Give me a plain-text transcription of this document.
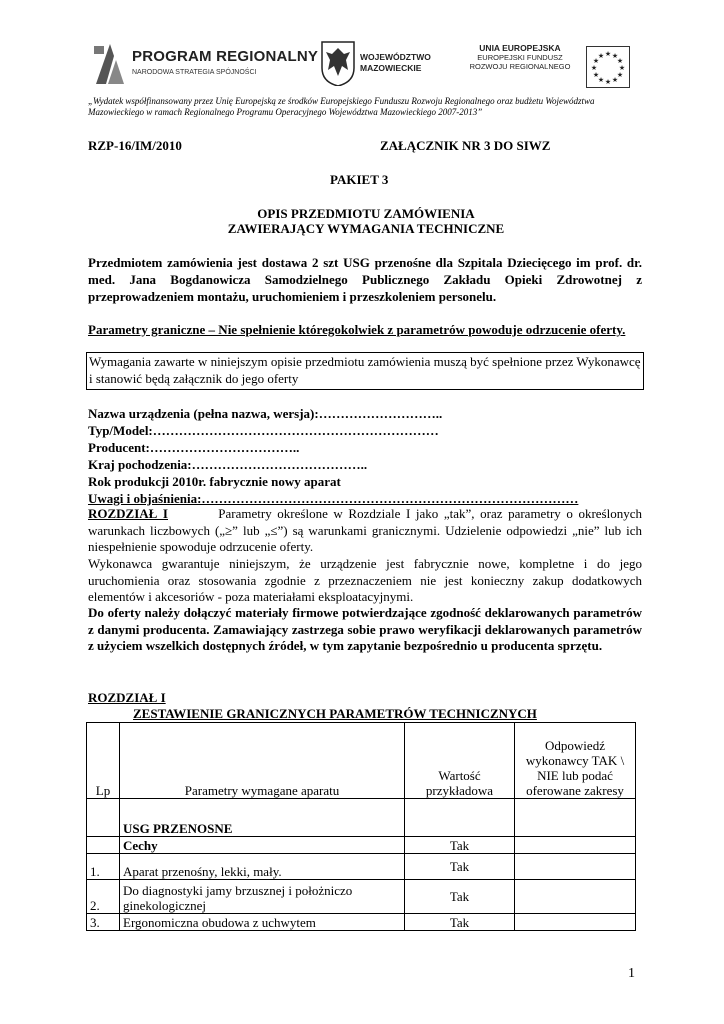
PROGRAM REGIONALNY
NARODOWA STRATEGIA SPÓJNOŚCI
WOJEWÓDZTWO
MAZOWIECKIE
UNIA EUROPEJSKA
EUROPEJSKI FUNDUSZ
ROZWOJU REGIONALNEGO
★ ★
★
★
★
★
★
★
★
★
★
★
„Wydatek współfinansowany przez Unię Europejską ze środków Europejskiego Funduszu Rozwoju Regionalnego oraz budżetu Województwa Mazowieckiego w ramach Regionalnego Programu Operacyjnego Województwa Mazowieckiego 2007-2013”
RZP-16/IM/2010	ZAŁĄCZNIK NR 3 DO SIWZ
PAKIET 3
OPIS PRZEDMIOTU ZAMÓWIENIA
ZAWIERAJĄCY WYMAGANIA TECHNICZNE
Przedmiotem zamówienia jest dostawa 2 szt USG przenośne dla Szpitala Dziecięcego im prof. dr. med. Jana Bogdanowicza Samodzielnego Publicznego Zakładu Opieki Zdrowotnej z przeprowadzeniem montażu, uruchomieniem i przeszkoleniem personelu.
Parametry graniczne – Nie spełnienie któregokolwiek z parametrów powoduje odrzucenie oferty.
Wymagania zawarte w niniejszym opisie przedmiotu zamówienia muszą być spełnione przez Wykonawcę i stanowić będą załącznik do jego oferty
Nazwa urządzenia (pełna nazwa, wersja):………………………..
Typ/Model:…………………………………………………………
Producent:……………………………..
Kraj pochodzenia:…………………………………..
Rok produkcji 2010r. fabrycznie nowy aparat
Uwagi i objaśnienia:……………………………………………………………………………
ROZDZIAŁ I	Parametry określone w Rozdziale I jako „tak”, oraz parametry o określonych warunkach liczbowych („≥” lub „≤”) są warunkami granicznymi. Udzielenie odpowiedzi „nie” lub ich niespełnienie spowoduje odrzucenie oferty.
Wykonawca gwarantuje niniejszym, że urządzenie jest fabrycznie nowe, kompletne i do jego uruchomienia oraz stosowania zgodnie z przeznaczeniem nie jest konieczny zakup dodatkowych elementów i akcesoriów - poza materiałami eksploatacyjnymi.
Do oferty należy dołączyć materiały firmowe potwierdzające zgodność deklarowanych parametrów z danymi producenta. Zamawiający zastrzega sobie prawo weryfikacji deklarowanych parametrów z użyciem wszelkich dostępnych źródeł, w tym zapytanie bezpośrednio u producenta sprzętu.
ROZDZIAŁ I
ZESTAWIENIE GRANICZNYCH PARAMETRÓW TECHNICZNYCH
Lp	Parametry wymagane aparatu	Wartość przykładowa	Odpowiedź wykonawcy TAK \ NIE lub podać oferowane zakresy
	USG PRZENOSNE		
	Cechy	Tak	
1.	Aparat przenośny, lekki, mały.	Tak	
2.	Do diagnostyki jamy brzusznej i położniczo ginekologicznej	Tak	
3.	Ergonomiczna obudowa z uchwytem	Tak	
1
